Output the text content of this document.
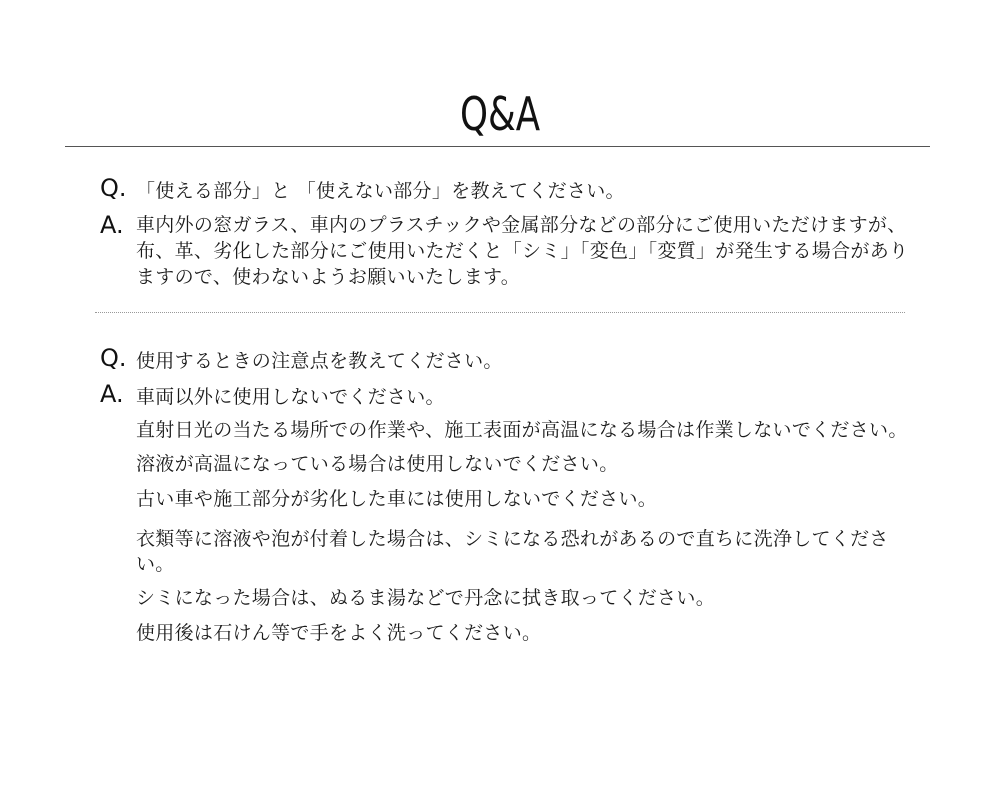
Q&A
Q. 「使える部分」と 「使えない部分」を教えてください。
A. 車内外の窓ガラス、車内のプラスチックや金属部分などの部分にご使用いただけますが、布、革、劣化した部分にご使用いただくと「シミ」「変色」「変質」が発生する場合がありますので、使わないようお願いいたします。
Q. 使用するときの注意点を教えてください。
A. 車両以外に使用しないでください。
直射日光の当たる場所での作業や、施工表面が高温になる場合は作業しないでください。
溶液が高温になっている場合は使用しないでください。
古い車や施工部分が劣化した車には使用しないでください。
衣類等に溶液や泡が付着した場合は、シミになる恐れがあるので直ちに洗浄してください。
シミになった場合は、ぬるま湯などで丹念に拭き取ってください。
使用後は石けん等で手をよく洗ってください。
